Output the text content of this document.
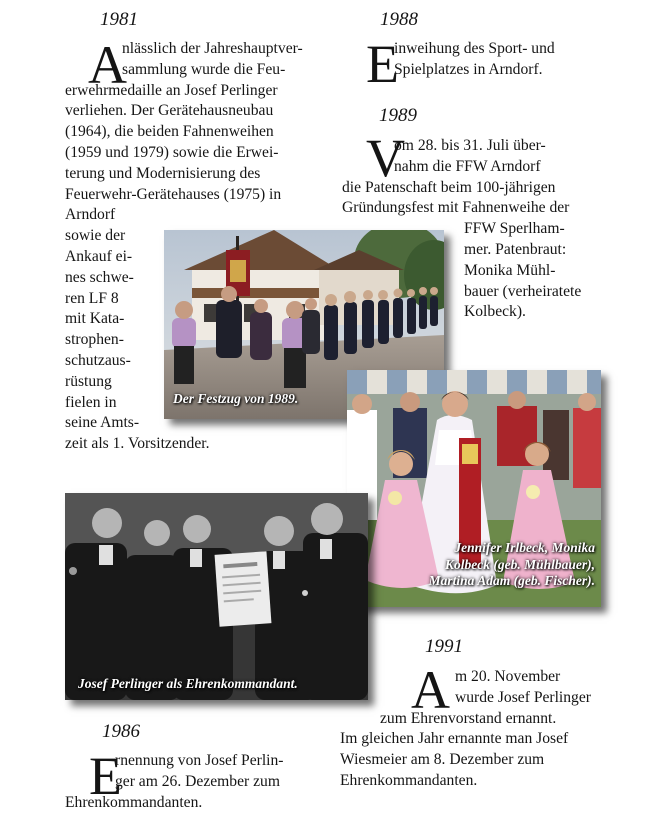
1981
A

nlässlich der Jahreshauptver-

sammlung wurde die Feu-

erwehrmedaille an Josef Perlinger

verliehen. Der Gerätehausneubau

(1964), die beiden Fahnenweihen

(1959 und 1979) sowie die Erwei-

terung und Modernisierung des

Feuerwehr-Gerätehauses (1975) in

Arndorf

sowie der

Ankauf ei-

nes schwe-

ren LF 8

mit Kata-

strophen-

schutzaus-

rüstung

fielen in

seine Amts-

zeit als 1. Vorsitzender.

1988
E

inweihung des Sport- und

Spielplatzes in Arndorf.

1989
V

om 28. bis 31. Juli über-

nahm die FFW Arndorf

die Patenschaft beim 100-jährigen

Gründungsfest mit Fahnenweihe der

FFW Sperlham-

mer. Patenbraut:

Monika Mühl-

bauer (verheiratete

Kolbeck).

Der Festzug von 1989.
Jennifer Irlbeck, Monika
Kolbeck (geb. Mühlbauer),
Martina Adam (geb. Fischer).
Josef Perlinger als Ehrenkommandant.
1991
A m 20. November

wurde Josef Perlinger

zum Ehrenvorstand ernannt.

Im gleichen Jahr ernannte man Josef

Wiesmeier am 8. Dezember zum

Ehrenkommandanten.

1986
E

rnennung von Josef Perlin-

ger am 26. Dezember zum

Ehrenkommandanten.
